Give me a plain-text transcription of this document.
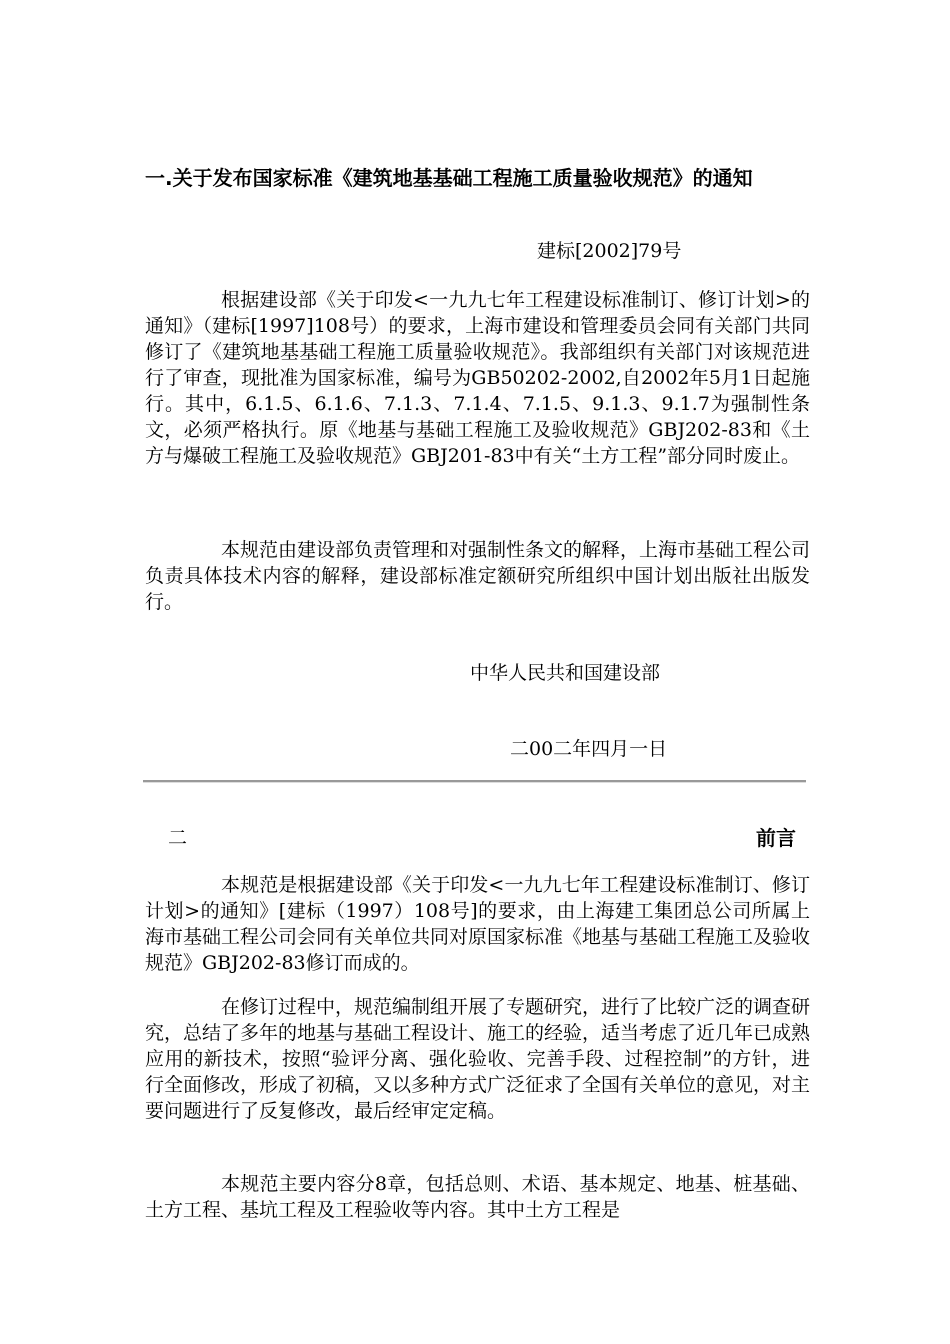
一.关于发布国家标准《建筑地基基础工程施工质量验收规范》的通知
建标[2002]79号
根据建设部《关于印发<一九九七年工程建设标准制订、修订计划>的通知》（建标[1997]108号）的要求，上海市建设和管理委员会同有关部门共同修订了《建筑地基基础工程施工质量验收规范》。我部组织有关部门对该规范进行了审查，现批准为国家标准，编号为GB50202-2002,自2002年5月1日起施行。其中，6.1.5、6.1.6、7.1.3、7.1.4、7.1.5、9.1.3、9.1.7为强制性条文，必须严格执行。原《地基与基础工程施工及验收规范》GBJ202-83和《土方与爆破工程施工及验收规范》GBJ201-83中有关“土方工程”部分同时废止。
本规范由建设部负责管理和对强制性条文的解释，上海市基础工程公司负责具体技术内容的解释，建设部标准定额研究所组织中国计划出版社出版发行。
中华人民共和国建设部
二00二年四月一日
二	前言
本规范是根据建设部《关于印发<一九九七年工程建设标准制订、修订计划>的通知》[建标（1997）108号]的要求，由上海建工集团总公司所属上海市基础工程公司会同有关单位共同对原国家标准《地基与基础工程施工及验收规范》GBJ202-83修订而成的。
在修订过程中，规范编制组开展了专题研究，进行了比较广泛的调查研究，总结了多年的地基与基础工程设计、施工的经验，适当考虑了近几年已成熟应用的新技术，按照“验评分离、强化验收、完善手段、过程控制”的方针，进行全面修改，形成了初稿，又以多种方式广泛征求了全国有关单位的意见，对主要问题进行了反复修改，最后经审定定稿。
本规范主要内容分8章，包括总则、术语、基本规定、地基、桩基础、土方工程、基坑工程及工程验收等内容。其中土方工程是
